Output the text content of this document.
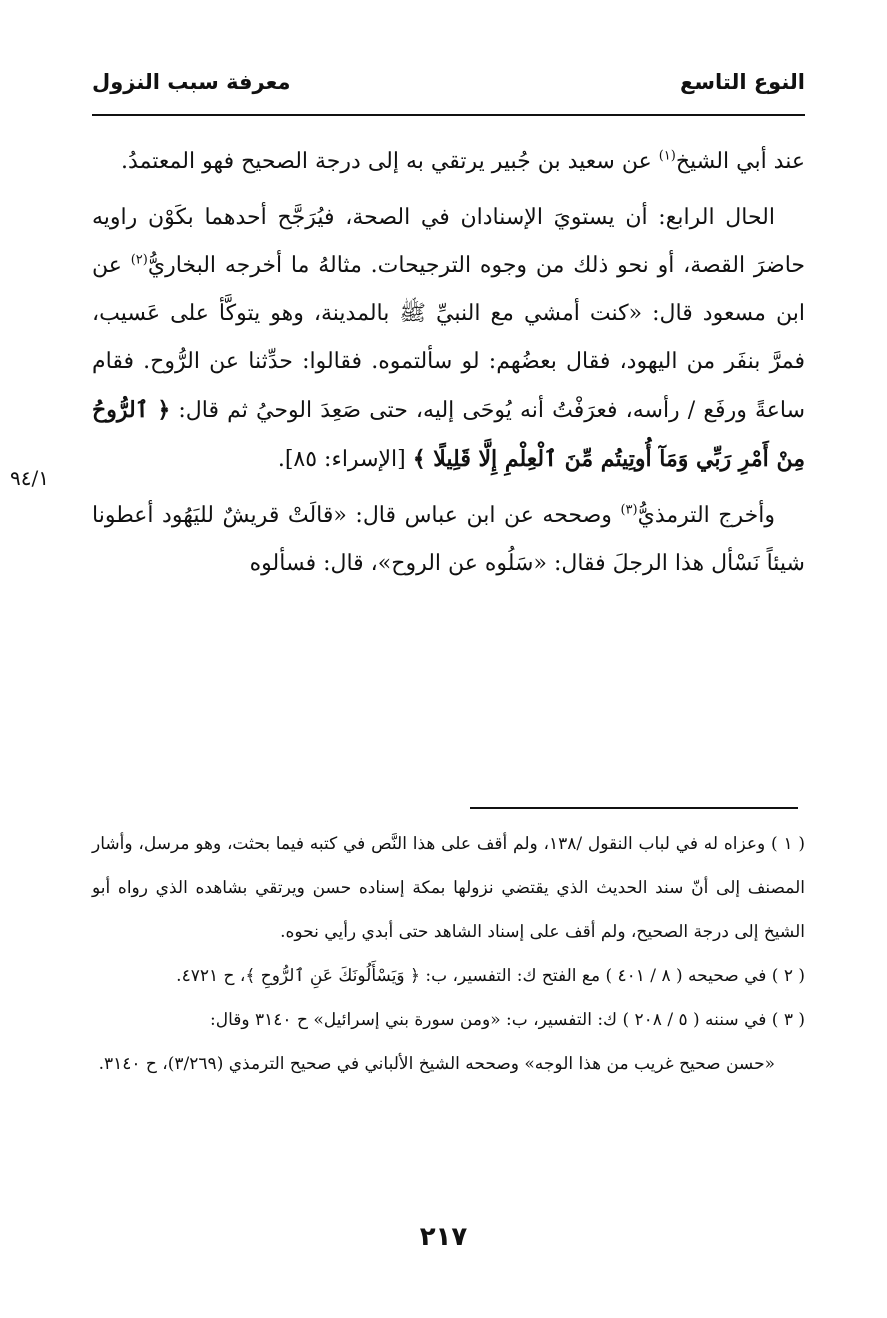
النوع التاسع
معرفة سبب النزول

عند أبي الشيخ$^{(١)}$ عن سعيد بن جُبير يرتقي به إلى درجة الصحيح فهو المعتمدُ.

الحال الرابع: أن يستويَ الإسنادان في الصحة، فيُرَجَّح أحدهما بكَوْن راويه حاضرَ القصة، أو نحو ذلك من وجوه الترجيحات. مثالهُ ما أخرجه البخاريُّ$^{(٢)}$ عن ابن مسعود قال: «كنت أمشي مع النبيِّ ﷺ بالمدينة، وهو يتوكَّأ على عَسيب، فمرَّ بنفَر من اليهود، فقال بعضُهم: لو سألتموه. فقالوا: حدِّثنا عن الرُّوح. فقام ساعةً ورفَع / رأسه، فعرَفْتُ أنه يُوحَى إليه، حتى صَعِدَ الوحيُ ثم قال: ﴿ ٱلرُّوحُ مِنْ أَمْرِ رَبِّي وَمَآ أُوتِيتُم مِّنَ ٱلْعِلْمِ إِلَّا قَلِيلًا ﴾ [الإسراء: ٨٥].

وأخرج الترمذيُّ$^{(٣)}$ وصححه عن ابن عباس قال: «قالَتْ قريشٌ لليَهُود أعطونا شيئاً نَسْأل هذا الرجلَ فقال: «سَلُوه عن الروح»، قال: فسألوه

٩٤/١

( ١ ) وعزاه له في لباب النقول /١٣٨، ولم أقف على هذا النَّص في كتبه فيما بحثت، وهو مرسل، وأشار المصنف إلى أنّ سند الحديث الذي يقتضي نزولها بمكة إسناده حسن ويرتقي بشاهده الذي رواه أبو الشيخ إلى درجة الصحيح، ولم أقف على إسناد الشاهد حتى أبدي رأيي نحوه.

( ٢ ) في صحيحه ( ٨ / ٤٠١ ) مع الفتح ك: التفسير، ب: ﴿ وَيَسْأَلُونَكَ عَنِ ٱلرُّوحِ ﴾، ح ٤٧٢١.

( ٣ ) في سننه ( ٥ / ٢٠٨ ) ك: التفسير، ب: «ومن سورة بني إسرائيل» ح ٣١٤٠ وقال:

«حسن صحيح غريب من هذا الوجه» وصححه الشيخ الألباني في صحيح الترمذي (٣/٢٦٩)، ح ٣١٤٠.

٢١٧
